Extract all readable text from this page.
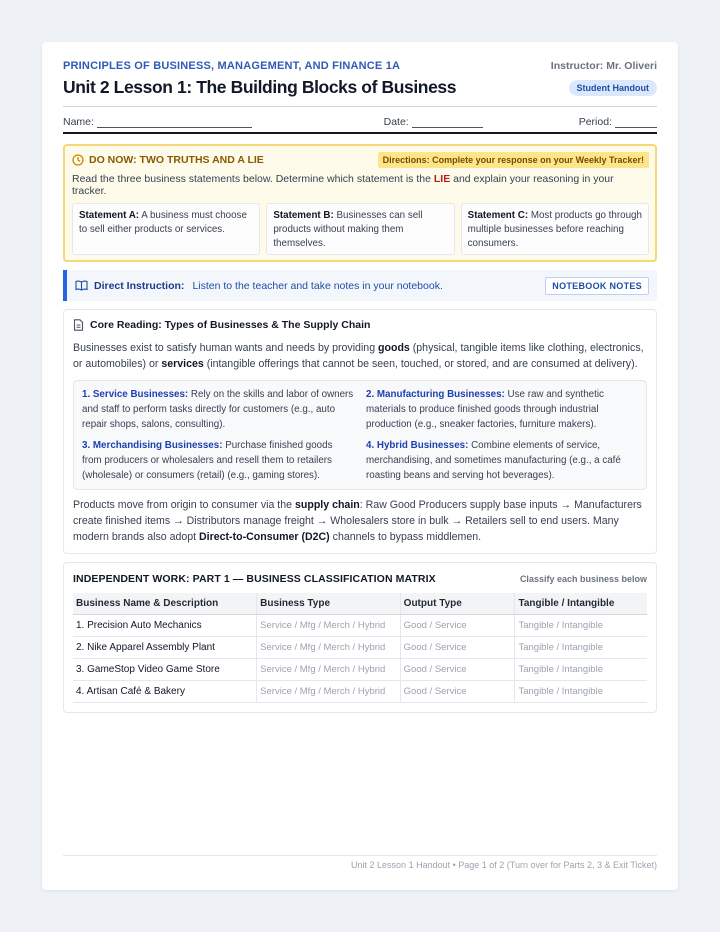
PRINCIPLES OF BUSINESS, MANAGEMENT, AND FINANCE 1A	Instructor: Mr. Oliveri
Unit 2 Lesson 1: The Building Blocks of Business	Student Handout
Name:	Date:	Period:
DO NOW: TWO TRUTHS AND A LIE	Directions: Complete your response on your Weekly Tracker!
Read the three business statements below. Determine which statement is the LIE and explain your reasoning in your tracker.
Statement A: A business must choose to sell either products or services.
Statement B: Businesses can sell products without making them themselves.
Statement C: Most products go through multiple businesses before reaching consumers.
Direct Instruction: Listen to the teacher and take notes in your notebook.	NOTEBOOK NOTES
Core Reading: Types of Businesses & The Supply Chain
Businesses exist to satisfy human wants and needs by providing goods (physical, tangible items like clothing, electronics, or automobiles) or services (intangible offerings that cannot be seen, touched, or stored, and are consumed at delivery).
1. Service Businesses: Rely on the skills and labor of owners and staff to perform tasks directly for customers (e.g., auto repair shops, salons, consulting).
2. Manufacturing Businesses: Use raw and synthetic materials to produce finished goods through industrial production (e.g., sneaker factories, furniture makers).
3. Merchandising Businesses: Purchase finished goods from producers or wholesalers and resell them to retailers (wholesale) or consumers (retail) (e.g., gaming stores).
4. Hybrid Businesses: Combine elements of service, merchandising, and sometimes manufacturing (e.g., a café roasting beans and serving hot beverages).
Products move from origin to consumer via the supply chain: Raw Good Producers supply base inputs → Manufacturers create finished items → Distributors manage freight → Wholesalers store in bulk → Retailers sell to end users. Many modern brands also adopt Direct-to-Consumer (D2C) channels to bypass middlemen.
INDEPENDENT WORK: PART 1 — BUSINESS CLASSIFICATION MATRIX	Classify each business below
Business Name & Description	Business Type	Output Type	Tangible / Intangible
1. Precision Auto Mechanics	Service / Mfg / Merch / Hybrid	Good / Service	Tangible / Intangible
2. Nike Apparel Assembly Plant	Service / Mfg / Merch / Hybrid	Good / Service	Tangible / Intangible
3. GameStop Video Game Store	Service / Mfg / Merch / Hybrid	Good / Service	Tangible / Intangible
4. Artisan Café & Bakery	Service / Mfg / Merch / Hybrid	Good / Service	Tangible / Intangible
Unit 2 Lesson 1 Handout • Page 1 of 2 (Turn over for Parts 2, 3 & Exit Ticket)
